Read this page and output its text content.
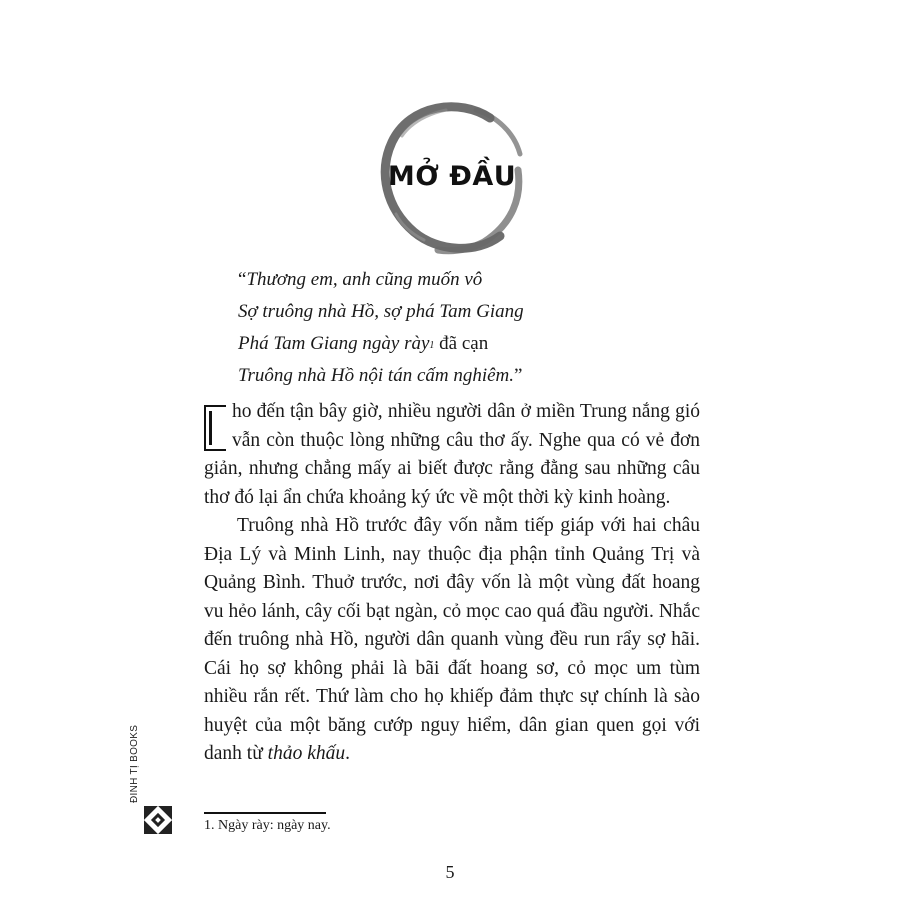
MỞ ĐẦU
“Thương em, anh cũng muốn vô
Sợ truông nhà Hồ, sợ phá Tam Giang
Phá Tam Giang ngày rày$^1$ đã cạn
Truông nhà Hồ nội tán cấm nghiêm.”

ho đến tận bây giờ, nhiều người dân ở miền Trung nắng gió vẫn còn thuộc lòng những câu thơ ấy. Nghe qua có vẻ đơn giản, nhưng chẳng mấy ai biết được rằng đằng sau những câu thơ đó lại ẩn chứa khoảng ký ức về một thời kỳ kinh hoàng.

Truông nhà Hồ trước đây vốn nằm tiếp giáp với hai châu Địa Lý và Minh Linh, nay thuộc địa phận tỉnh Quảng Trị và Quảng Bình. Thuở trước, nơi đây vốn là một vùng đất hoang vu hẻo lánh, cây cối bạt ngàn, cỏ mọc cao quá đầu người. Nhắc đến truông nhà Hồ, người dân quanh vùng đều run rẩy sợ hãi. Cái họ sợ không phải là bãi đất hoang sơ, cỏ mọc um tùm nhiều rắn rết. Thứ làm cho họ khiếp đảm thực sự chính là sào huyệt của một băng cướp nguy hiểm, dân gian quen gọi với danh từ thảo khấu.

1. Ngày rày: ngày nay.
ĐINH TỊ BOOKS
5
